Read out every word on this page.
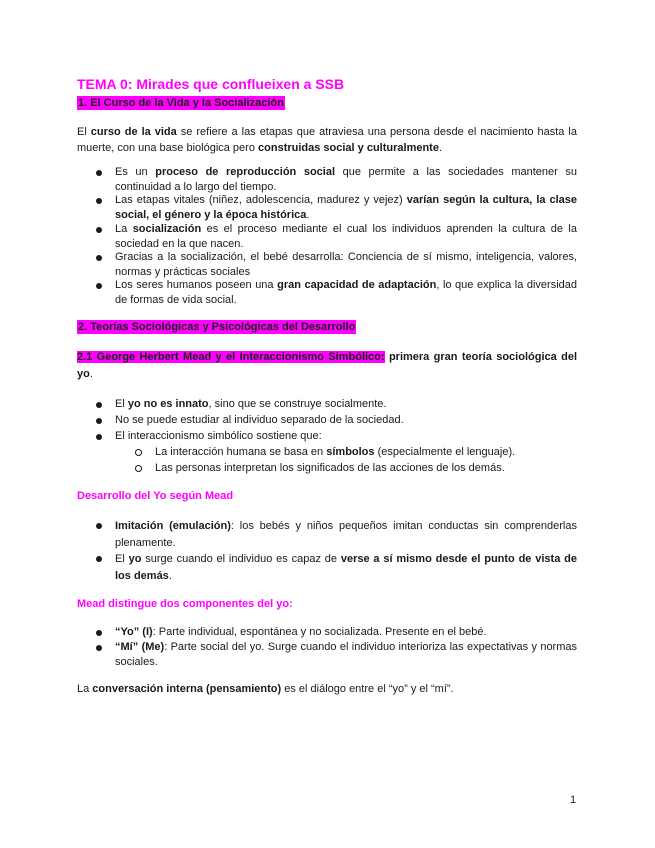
TEMA 0: Mirades que conflueixen a SSB
1. El Curso de la Vida y la Socialización

El curso de la vida se refiere a las etapas que atraviesa una persona desde el nacimiento hasta la muerte, con una base biológica pero construidas social y culturalmente.

Es un proceso de reproducción social que permite a las sociedades mantener su continuidad a lo largo del tiempo.
Las etapas vitales (niñez, adolescencia, madurez y vejez) varían según la cultura, la clase social, el género y la época histórica.
La socialización es el proceso mediante el cual los individuos aprenden la cultura de la sociedad en la que nacen.
Gracias a la socialización, el bebé desarrolla: Conciencia de sí mismo, inteligencia, valores, normas y prácticas sociales
Los seres humanos poseen una gran capacidad de adaptación, lo que explica la diversidad de formas de vida social.
2. Teorías Sociológicas y Psicológicas del Desarrollo

2.1 George Herbert Mead y el Interaccionismo Simbólico: primera gran teoría sociológica del yo.

El yo no es innato, sino que se construye socialmente.
No se puede estudiar al individuo separado de la sociedad.
El interaccionismo simbólico sostiene que:
La interacción humana se basa en símbolos (especialmente el lenguaje).
Las personas interpretan los significados de las acciones de los demás.
Desarrollo del Yo según Mead
Imitación (emulación): los bebés y niños pequeños imitan conductas sin comprenderlas plenamente.
El yo surge cuando el individuo es capaz de verse a sí mismo desde el punto de vista de los demás.
Mead distingue dos componentes del yo:
“Yo” (I): Parte individual, espontánea y no socializada. Presente en el bebé.
“Mí” (Me): Parte social del yo. Surge cuando el individuo interioriza las expectativas y normas sociales.

La conversación interna (pensamiento) es el diálogo entre el “yo” y el “mí”.

1
